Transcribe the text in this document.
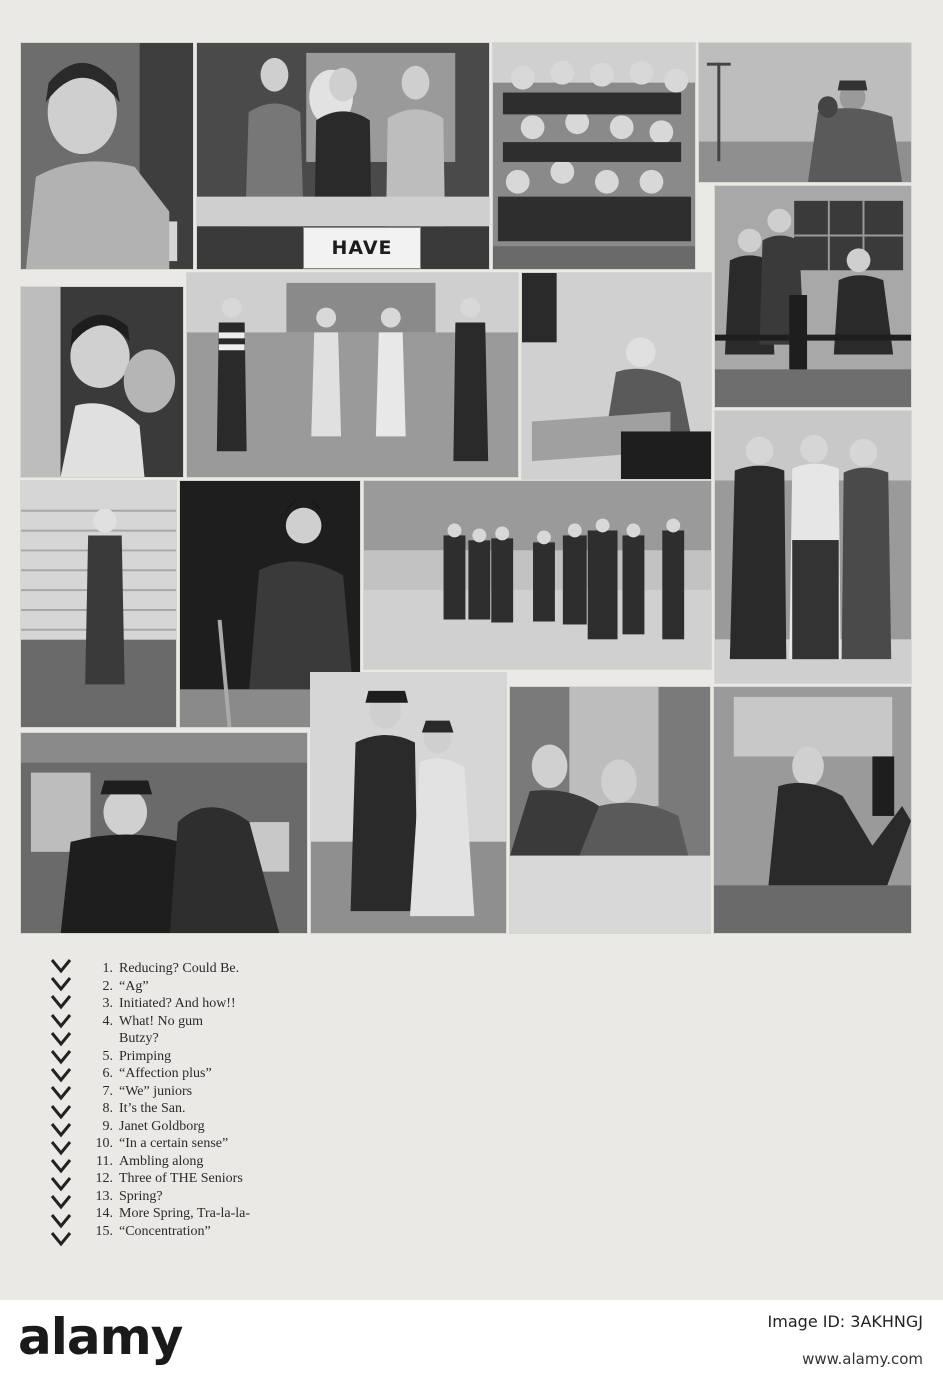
HAVE
1. Reducing? Could Be.
2. “Ag”
3. Initiated? And how!!
4. What! No gum
Butzy?
5. Primping
6. “Affection plus”
7. “We” juniors
8. It’s the San.
9. Janet Goldborg
10. “In a certain sense”
11. Ambling along
12. Three of THE Seniors
13. Spring?
14. More Spring, Tra-la-la-
15. “Concentration”
alamy	Image ID: 3AKHNGJ
www.alamy.com
